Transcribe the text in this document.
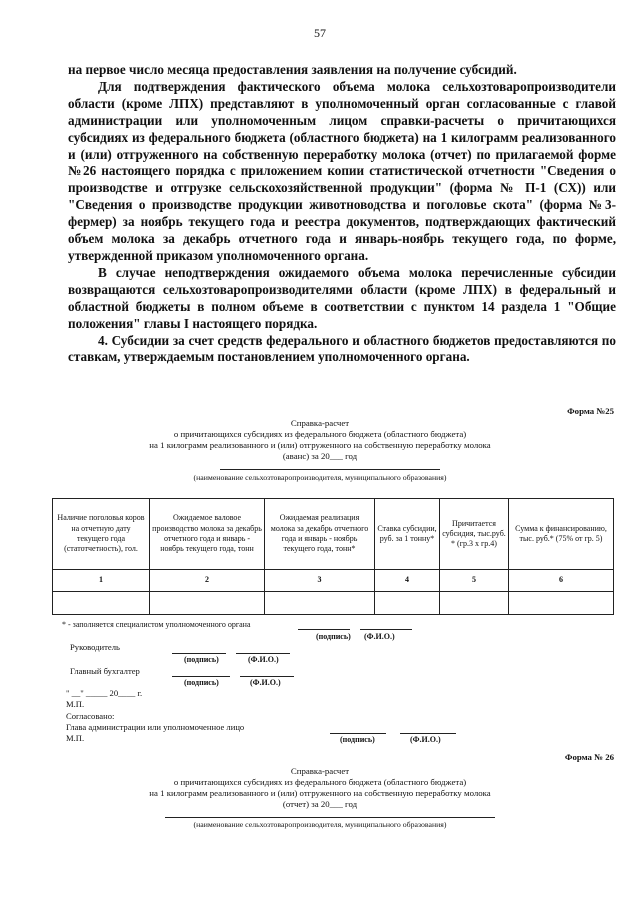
57

на первое число месяца предоставления заявления на получение субсидий.

Для подтверждения фактического объема молока сельхозтоваропроизводители области (кроме ЛПХ) представляют в уполномоченный орган согласованные с главой администрации или уполномоченным лицом справки-расчеты о причитающихся субсидиях из федерального бюджета (областного бюджета) на 1 килограмм реализованного и (или) отгруженного на собственную переработку молока (отчет) по прилагаемой форме №26 настоящего порядка с приложением копии статистической отчетности "Сведения о производстве и отгрузке сельскохозяйственной продукции" (форма № П-1 (СХ)) или "Сведения о производстве продукции животноводства и поголовье скота" (форма №3-фермер) за ноябрь текущего года и реестра документов, подтверждающих фактический объем молока за декабрь отчетного года и январь-ноябрь текущего года, по форме, утвержденной приказом уполномоченного органа.

В случае неподтверждения ожидаемого объема молока перечисленные субсидии возвращаются сельхозтоваропроизводителями области (кроме ЛПХ) в федеральный и областной бюджеты в полном объеме в соответствии с пунктом 14 раздела 1 "Общие положения" главы I настоящего порядка.

4. Субсидии за счет средств федерального и областного бюджетов предоставляются по ставкам, утверждаемым постановлением уполномоченного органа.

Форма №25
Справка-расчет
о причитающихся субсидиях из федерального бюджета (областного бюджета)
на 1 килограмм реализованного и (или) отгруженного на собственную переработку молока
(аванс) за 20___ год
(наименование сельхозтоваропроизводителя, муниципального образования)
Наличие поголовья коров на отчетную дату текущего года (статотчетность), гол.	Ожидаемое валовое производство молока за декабрь отчетного года и январь - ноябрь текущего года, тонн	Ожидаемая реализация молока за декабрь отчетного года и январь - ноябрь текущего года, тонн*	Ставка субсидии, руб. за 1 тонну*	Причитается субсидия, тыс.руб. * (гр.3 х гр.4)	Сумма к финансированию, тыс. руб.* (75% от гр. 5)
1	2	3	4	5	6

* - заполняется специалистом уполномоченного органа
(подпись) (Ф.И.О.)
Руководитель
(подпись)	(Ф.И.О.)
Главный бухгалтер
(подпись)	(Ф.И.О.)
" __" _____ 20____ г.
М.П.
Согласовано:
Глава администрации или уполномоченное лицо
М.П.	(подпись)	(Ф.И.О.)
Форма № 26
Справка-расчет
о причитающихся субсидиях из федерального бюджета (областного бюджета)
на 1 килограмм реализованного и (или) отгруженного на собственную переработку молока
(отчет) за 20___ год
(наименование сельхозтоваропроизводителя, муниципального образования)
